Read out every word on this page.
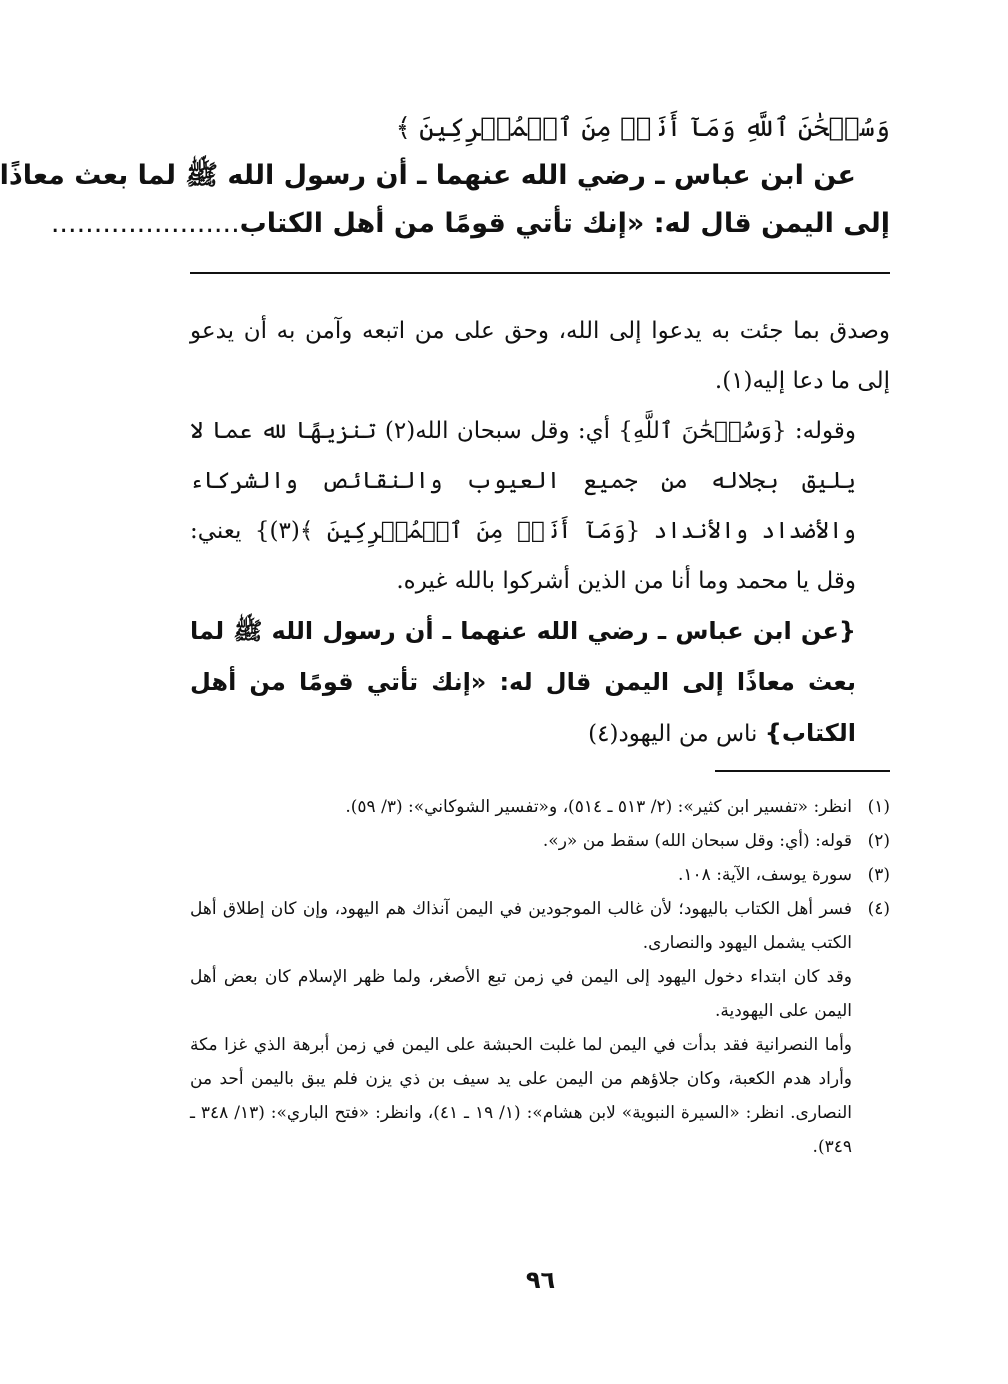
وَسُبۡحَٰنَ ٱللَّهِ وَمَآ أَنَا۠ مِنَ ٱلۡمُشۡرِكِينَ ﴾
عن ابن عباس ـ رضي الله عنهما ـ أن رسول الله ﷺ لما بعث معاذًا
إلى اليمن قال له: «إنك تأتي قومًا من أهل الكتاب......................

وصدق بما جئت به يدعوا إلى الله، وحق على من اتبعه وآمن به أن يدعو إلى ما دعا إليه(١).

وقوله: {وَسُبۡحَٰنَ ٱللَّهِ} أي: وقل سبحان الله(٢) تنزيهًا لله عما لا يليق بجلاله من جميع العيوب والنقائص والشركاء والأضداد والأنداد {وَمَآ أَنَا۠ مِنَ ٱلۡمُشۡرِكِينَ ﴾(٣)} يعني: وقل يا محمد وما أنا من الذين أشركوا بالله غيره.

{عن ابن عباس ـ رضي الله عنهما ـ أن رسول الله ﷺ لما بعث معاذًا إلى اليمن قال له: «إنك تأتي قومًا من أهل الكتاب} ناس من اليهود(٤)

(١)
انظر: «تفسير ابن كثير»: (٢/ ٥١٣ ـ ٥١٤)، و«تفسير الشوكاني»: (٣/ ٥٩).
(٢)
قوله: (أي: وقل سبحان الله) سقط من «ر».
(٣)
سورة يوسف، الآية: ١٠٨.
(٤)
فسر أهل الكتاب باليهود؛ لأن غالب الموجودين في اليمن آنذاك هم اليهود، وإن كان إطلاق أهل الكتب يشمل اليهود والنصارى.
وقد كان ابتداء دخول اليهود إلى اليمن في زمن تبع الأصغر، ولما ظهر الإسلام كان بعض أهل اليمن على اليهودية.
وأما النصرانية فقد بدأت في اليمن لما غلبت الحبشة على اليمن في زمن أبرهة الذي غزا مكة وأراد هدم الكعبة، وكان جلاؤهم من اليمن على يد سيف بن ذي يزن فلم يبق باليمن أحد من النصارى. انظر: «السيرة النبوية» لابن هشام»: (١/ ١٩ ـ ٤١)، وانظر: «فتح الباري»: (١٣/ ٣٤٨ ـ ٣٤٩).
٩٦
